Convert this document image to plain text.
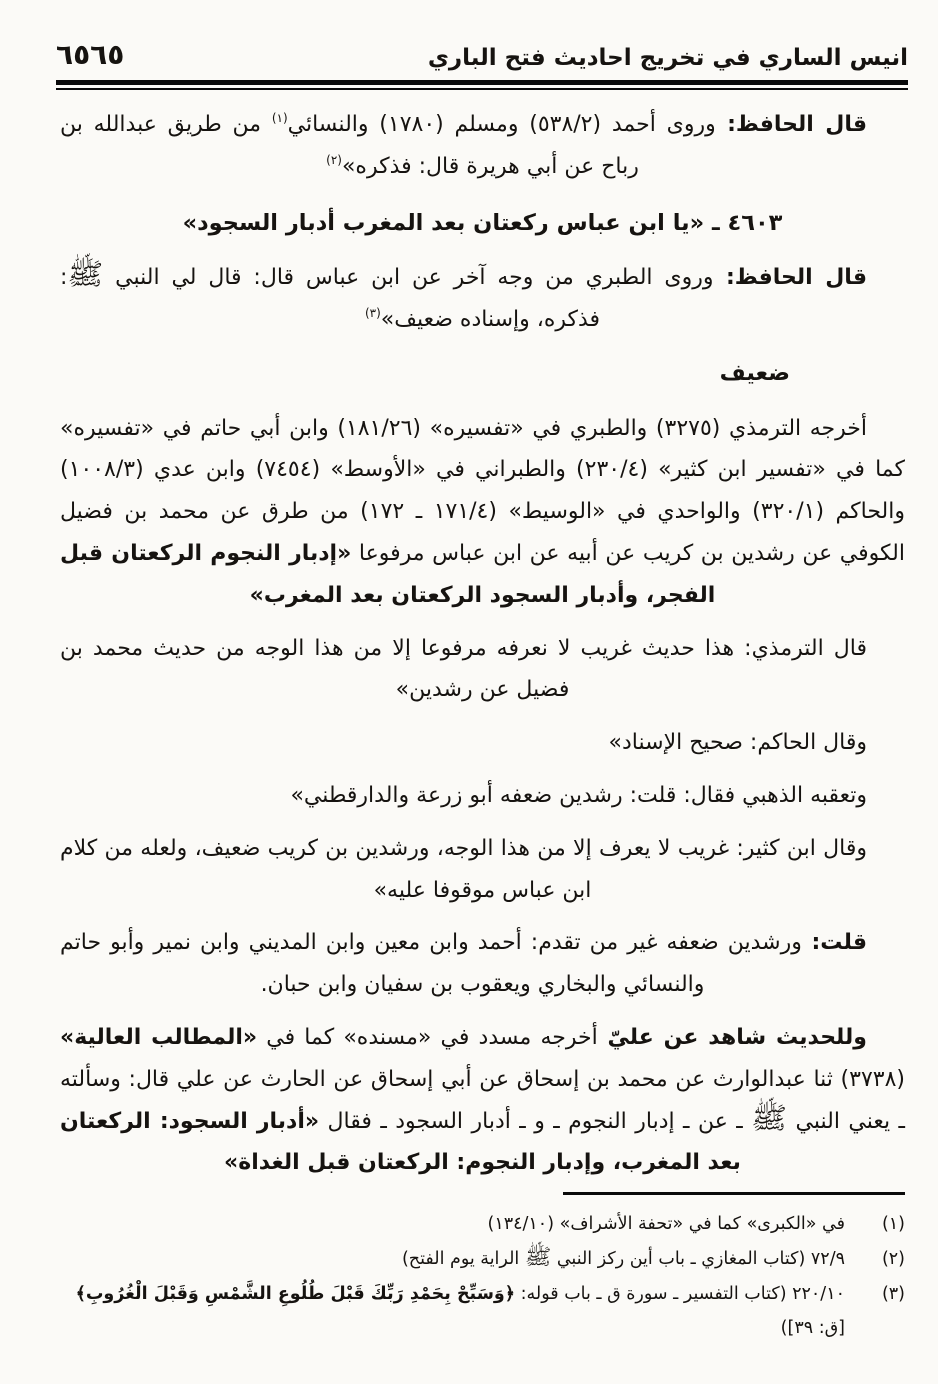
انيس الساري في تخريج احاديث فتح الباري
٦٥٦٥
قال الحافظ: وروى أحمد (٥٣٨/٢) ومسلم (١٧٨٠) والنسائي$^{(١)}$ من طريق عبدالله بن رباح عن أبي هريرة قال: فذكره»$^{(٢)}$
٤٦٠٣ ـ «يا ابن عباس ركعتان بعد المغرب أدبار السجود»
قال الحافظ: وروى الطبري من وجه آخر عن ابن عباس قال: قال لي النبي ﷺ: فذكره، وإسناده ضعيف»$^{(٣)}$
ضعيف
أخرجه الترمذي (٣٢٧٥) والطبري في «تفسيره» (١٨١/٢٦) وابن أبي حاتم في «تفسيره» كما في «تفسير ابن كثير» (٢٣٠/٤) والطبراني في «الأوسط» (٧٤٥٤) وابن عدي (١٠٠٨/٣) والحاكم (٣٢٠/١) والواحدي في «الوسيط» (١٧١/٤ ـ ١٧٢) من طرق عن محمد بن فضيل الكوفي عن رشدين بن كريب عن أبيه عن ابن عباس مرفوعا «إدبار النجوم الركعتان قبل الفجر، وأدبار السجود الركعتان بعد المغرب»
قال الترمذي: هذا حديث غريب لا نعرفه مرفوعا إلا من هذا الوجه من حديث محمد بن فضيل عن رشدين»
وقال الحاكم: صحيح الإسناد»
وتعقبه الذهبي فقال: قلت: رشدين ضعفه أبو زرعة والدارقطني»
وقال ابن كثير: غريب لا يعرف إلا من هذا الوجه، ورشدين بن كريب ضعيف، ولعله من كلام ابن عباس موقوفا عليه»
قلت: ورشدين ضعفه غير من تقدم: أحمد وابن معين وابن المديني وابن نمير وأبو حاتم والنسائي والبخاري ويعقوب بن سفيان وابن حبان.
وللحديث شاهد عن عليّ أخرجه مسدد في «مسنده» كما في «المطالب العالية» (٣٧٣٨) ثنا عبدالوارث عن محمد بن إسحاق عن أبي إسحاق عن الحارث عن علي قال: وسألته ـ يعني النبي ﷺ ـ عن ـ إدبار النجوم ـ و ـ أدبار السجود ـ فقال «أدبار السجود: الركعتان بعد المغرب، وإدبار النجوم: الركعتان قبل الغداة»
(١)
في «الكبرى» كما في «تحفة الأشراف» (١٣٤/١٠)
(٢)
٧٢/٩ (كتاب المغازي ـ باب أين ركز النبي ﷺ الراية يوم الفتح)
(٣)
٢٢٠/١٠ (كتاب التفسير ـ سورة ق ـ باب قوله: ﴿وَسَبِّحْ بِحَمْدِ رَبِّكَ قَبْلَ طُلُوعِ الشَّمْسِ وَقَبْلَ الْغُرُوبِ﴾ [ق: ٣٩])
